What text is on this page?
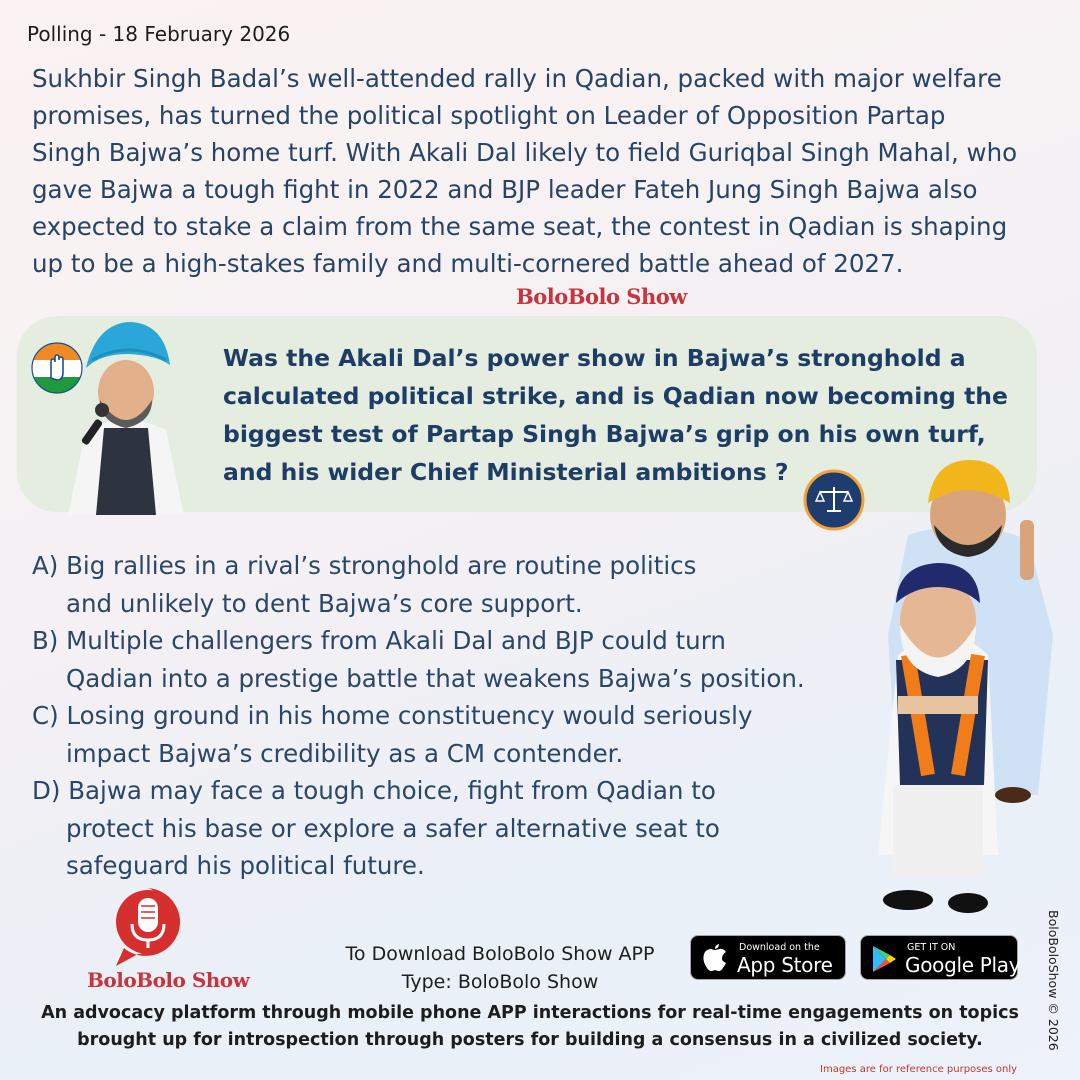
Polling - 18 February 2026
Sukhbir Singh Badal’s well-attended rally in Qadian, packed with major welfare
promises, has turned the political spotlight on Leader of Opposition Partap
Singh Bajwa’s home turf. With Akali Dal likely to field Guriqbal Singh Mahal, who
gave Bajwa a tough fight in 2022 and BJP leader Fateh Jung Singh Bajwa also
expected to stake a claim from the same seat, the contest in Qadian is shaping
up to be a high-stakes family and multi-cornered battle ahead of 2027.
BoloBolo Show
Was the Akali Dal’s power show in Bajwa’s stronghold a
calculated political strike, and is Qadian now becoming the
biggest test of Partap Singh Bajwa’s grip on his own turf,
and his wider Chief Ministerial ambitions ?
A) Big rallies in a rival’s stronghold are routine politics
and unlikely to dent Bajwa’s core support.
B) Multiple challengers from Akali Dal and BJP could turn
Qadian into a prestige battle that weakens Bajwa’s position.
C) Losing ground in his home constituency would seriously
impact Bajwa’s credibility as a CM contender.
D) Bajwa may face a tough choice, fight from Qadian to
protect his base or explore a safer alternative seat to
safeguard his political future.
BoloBolo Show
To Download BoloBolo Show APP
Type: BoloBolo Show
Download on the
App Store
GET IT ON
Google Play
An advocacy platform through mobile phone APP interactions for real-time engagements on topics
brought up for introspection through posters for building a consensus in a civilized society.	BoloBoloShow © 2026
Images are for reference purposes only
